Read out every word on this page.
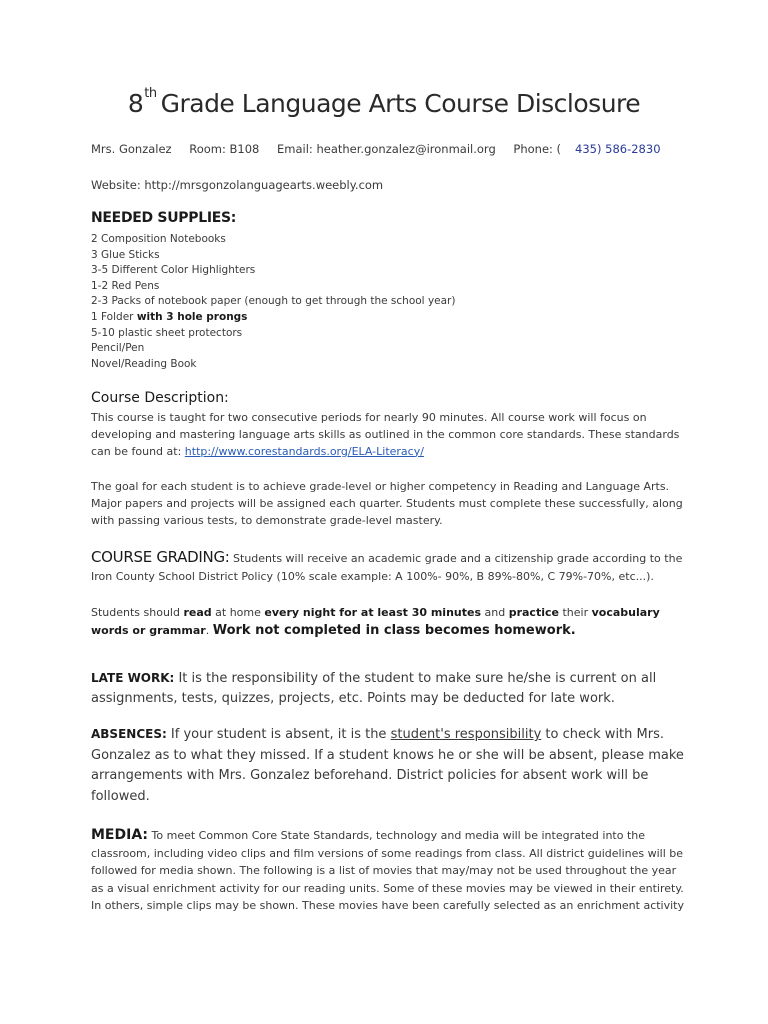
8th Grade Language Arts Course Disclosure
Mrs. Gonzalez Room: B108 Email: heather.gonzalez@ironmail.org Phone: ( 435) 586-2830
Website: http://mrsgonzolanguagearts.weebly.com
NEEDED SUPPLIES:
2 Composition Notebooks
3 Glue Sticks
3-5 Different Color Highlighters
1-2 Red Pens
2-3 Packs of notebook paper (enough to get through the school year)
1 Folder with 3 hole prongs
5-10 plastic sheet protectors
Pencil/Pen
Novel/Reading Book
Course Description:

This course is taught for two consecutive periods for nearly 90 minutes. All course work will focus on developing and mastering language arts skills as outlined in the common core standards. These standards can be found at: http://www.corestandards.org/ELA-Literacy/

The goal for each student is to achieve grade-level or higher competency in Reading and Language Arts. Major papers and projects will be assigned each quarter. Students must complete these successfully, along with passing various tests, to demonstrate grade-level mastery.

COURSE GRADING: Students will receive an academic grade and a citizenship grade according to the Iron County School District Policy (10% scale example: A 100%- 90%, B 89%-80%, C 79%-70%, etc...).
Students should read at home every night for at least 30 minutes and practice their vocabulary words or grammar. Work not completed in class becomes homework.
LATE WORK: It is the responsibility of the student to make sure he/she is current on all assignments, tests, quizzes, projects, etc. Points may be deducted for late work.
ABSENCES: If your student is absent, it is the student's responsibility to check with Mrs. Gonzalez as to what they missed. If a student knows he or she will be absent, please make arrangements with Mrs. Gonzalez beforehand. District policies for absent work will be followed.
MEDIA: To meet Common Core State Standards, technology and media will be integrated into the classroom, including video clips and film versions of some readings from class. All district guidelines will be followed for media shown. The following is a list of movies that may/may not be used throughout the year as a visual enrichment activity for our reading units. Some of these movies may be viewed in their entirety. In others, simple clips may be shown. These movies have been carefully selected as an enrichment activity
